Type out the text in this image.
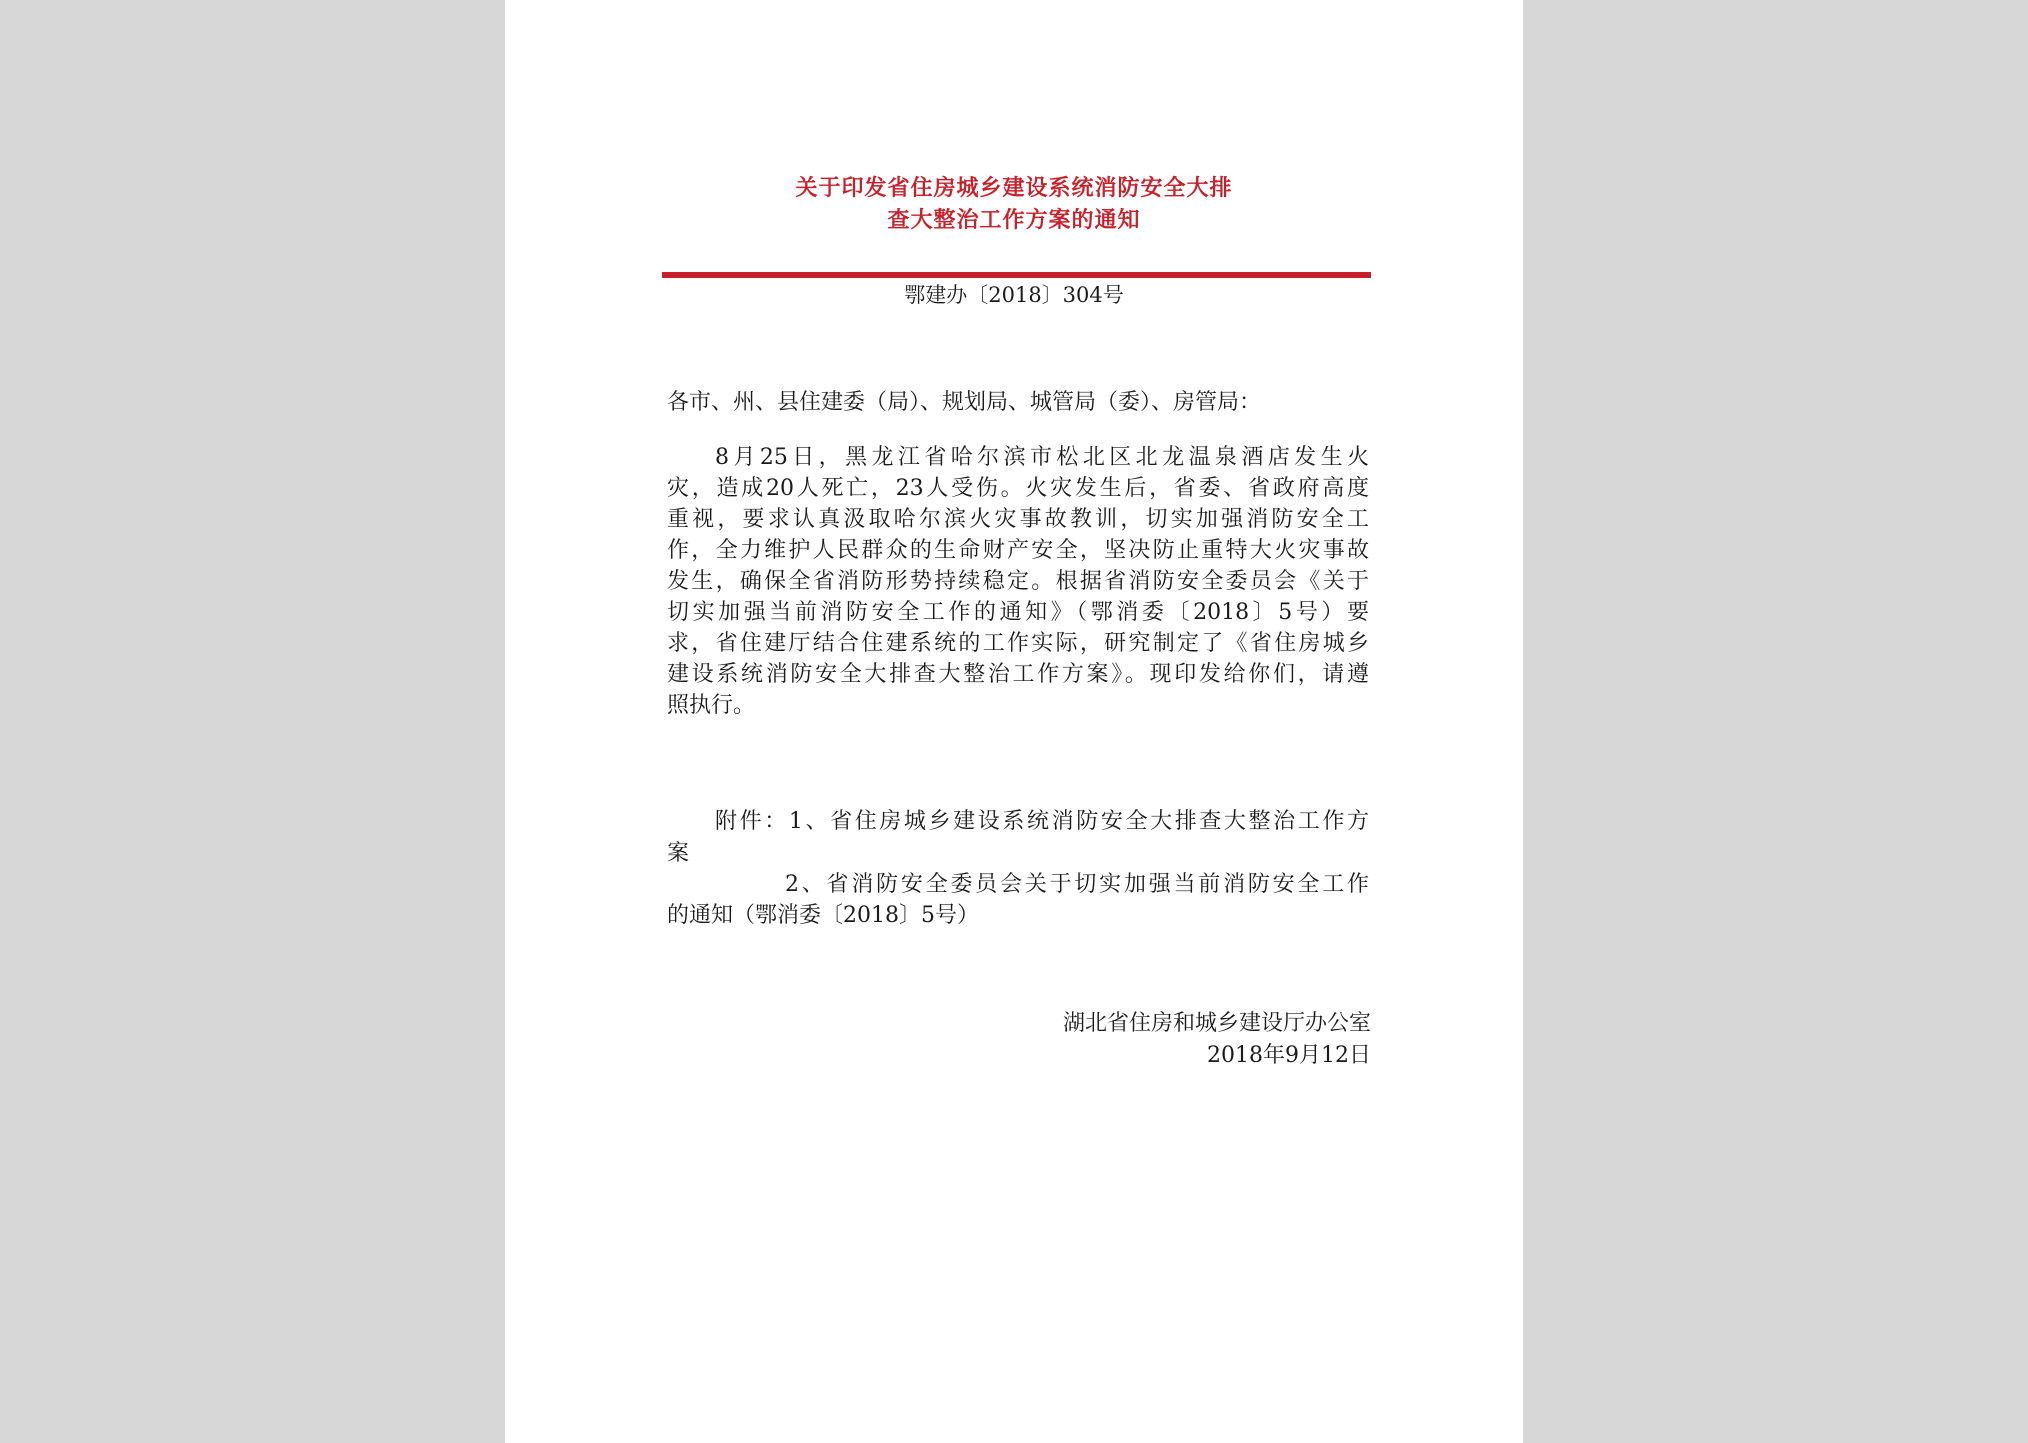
关于印发省住房城乡建设系统消防安全大排
查大整治工作方案的通知
鄂建办〔2018〕304号
各市、州、县住建委（局）、规划局、城管局（委）、房管局：
8月25日，黑龙江省哈尔滨市松北区北龙温泉酒店发生火
灾，造成20人死亡，23人受伤。火灾发生后，省委、省政府高度
重视，要求认真汲取哈尔滨火灾事故教训，切实加强消防安全工
作，全力维护人民群众的生命财产安全，坚决防止重特大火灾事故
发生，确保全省消防形势持续稳定。根据省消防安全委员会《关于
切实加强当前消防安全工作的通知》（鄂消委〔2018〕5号）要
求，省住建厅结合住建系统的工作实际，研究制定了《省住房城乡
建设系统消防安全大排查大整治工作方案》。现印发给你们，请遵
照执行。
附件：1、省住房城乡建设系统消防安全大排查大整治工作方
案
2、省消防安全委员会关于切实加强当前消防安全工作
的通知（鄂消委〔2018〕5号）
湖北省住房和城乡建设厅办公室
2018年9月12日
